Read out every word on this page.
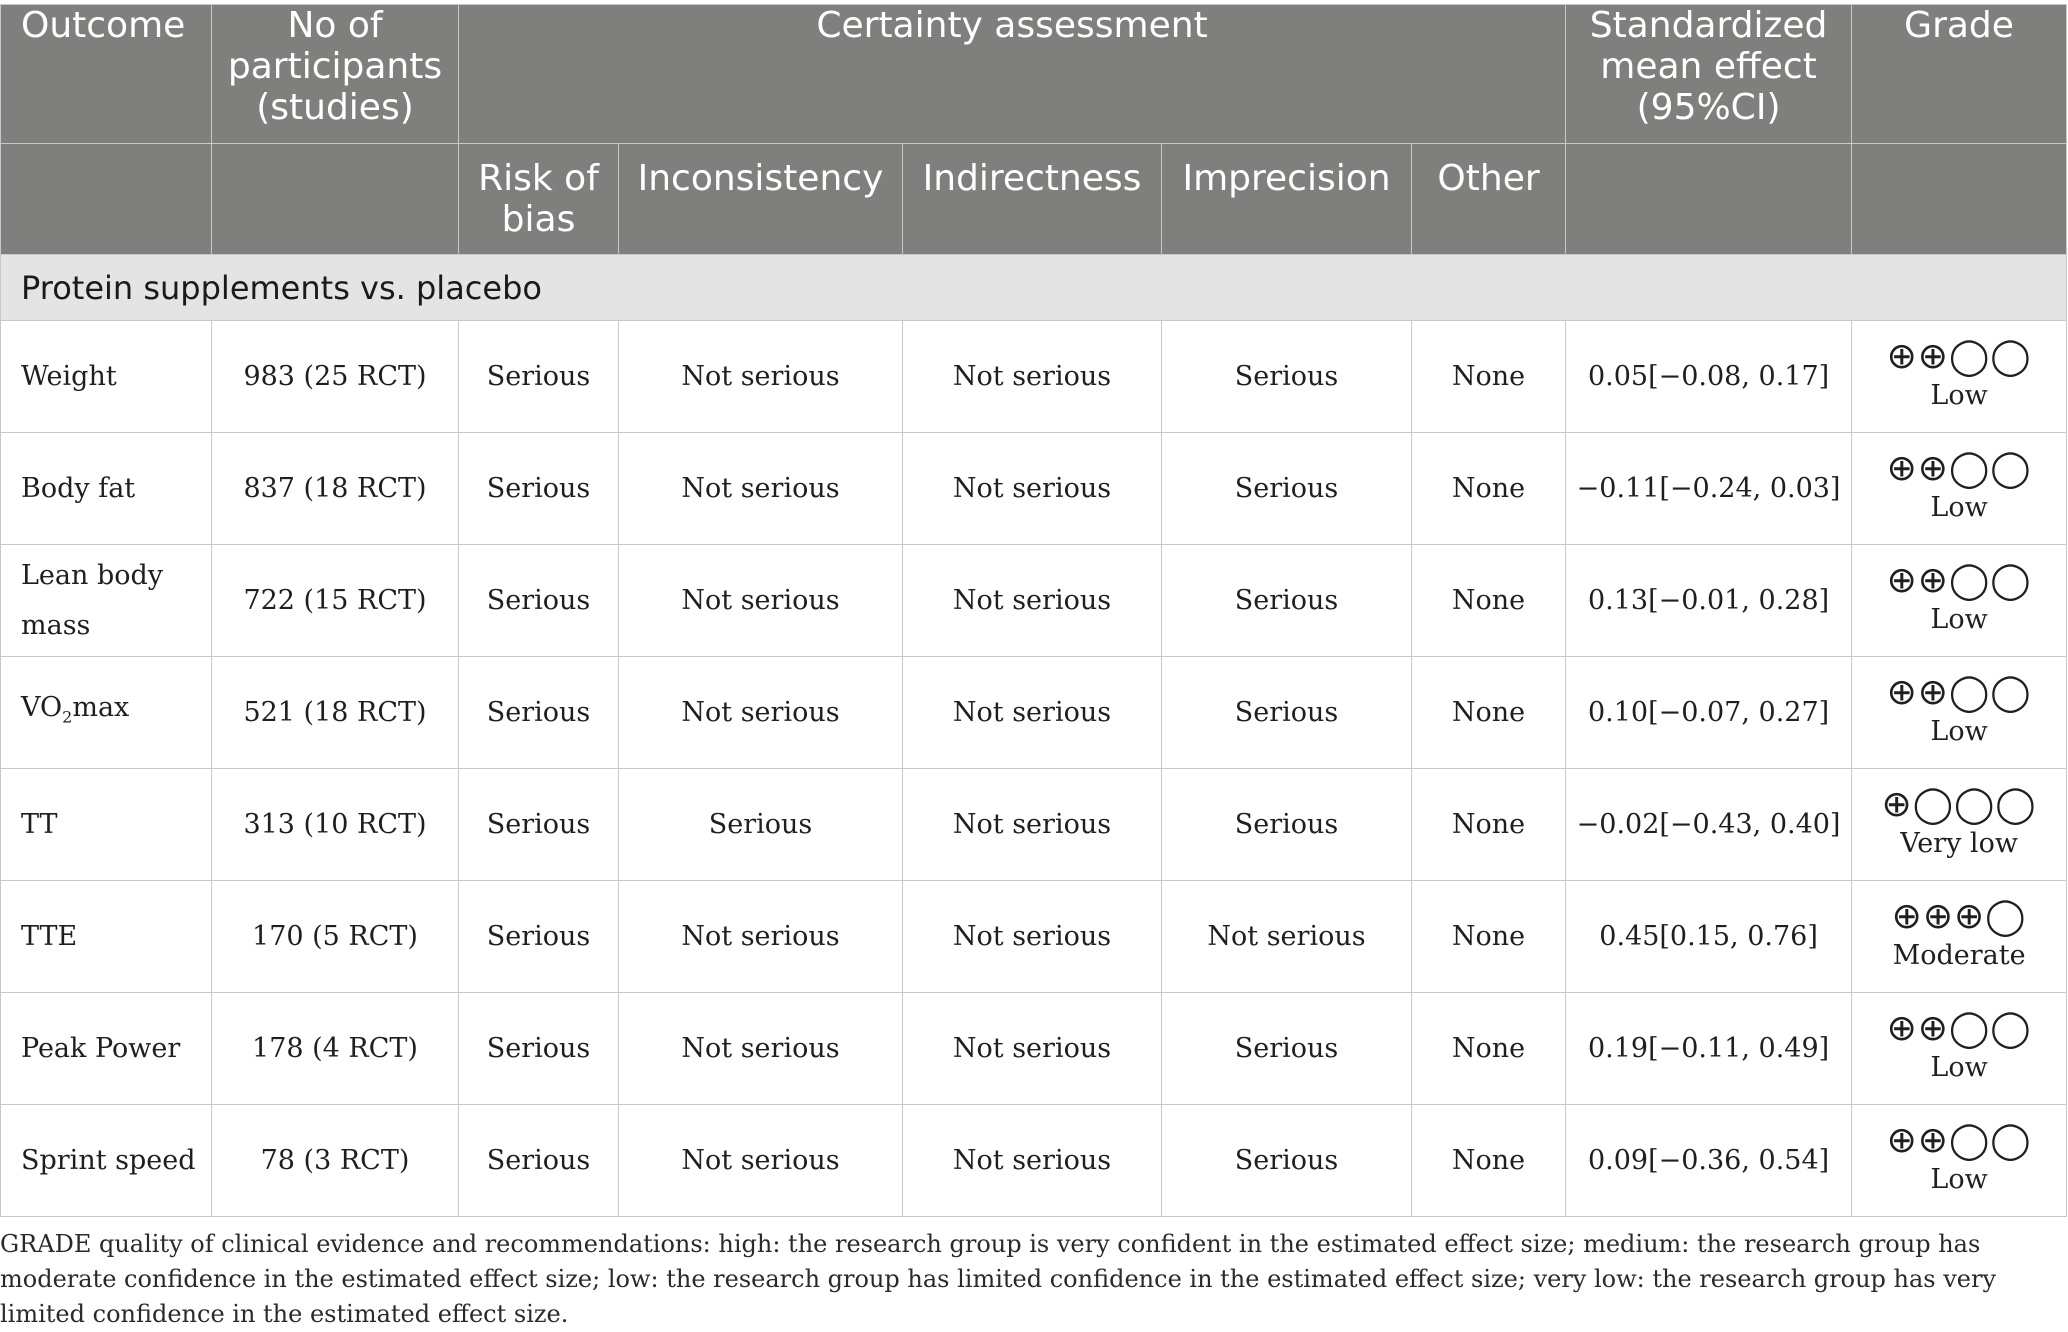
Outcome	No of participants (studies)	Certainty assessment					Standardized mean effect (95%CI)	Grade
		Risk of bias	Inconsistency	Indirectness	Imprecision	Other		
Protein supplements vs. placebo								
Weight	983 (25 RCT)	Serious	Not serious	Not serious	Serious	None	0.05[−0.08, 0.17]	⊕⊕◯◯
Low

Body fat	837 (18 RCT)	Serious	Not serious	Not serious	Serious	None	−0.11[−0.24, 0.03]	⊕⊕◯◯
Low

Lean body mass	722 (15 RCT)	Serious	Not serious	Not serious	Serious	None	0.13[−0.01, 0.28]	⊕⊕◯◯
Low

$VO_2\max$	521 (18 RCT)	Serious	Not serious	Not serious	Serious	None	0.10[−0.07, 0.27]	⊕⊕◯◯
Low

TT	313 (10 RCT)	Serious	Serious	Not serious	Serious	None	−0.02[−0.43, 0.40]	⊕◯◯◯
Very low

TTE	170 (5 RCT)	Serious	Not serious	Not serious	Not serious	None	0.45[0.15, 0.76]	⊕⊕⊕◯
Moderate

Peak Power	178 (4 RCT)	Serious	Not serious	Not serious	Serious	None	0.19[−0.11, 0.49]	⊕⊕◯◯
Low

Sprint speed	78 (3 RCT)	Serious	Not serious	Not serious	Serious	None	0.09[−0.36, 0.54]	⊕⊕◯◯
Low
GRADE quality of clinical evidence and recommendations: high: the research group is very confident in the estimated effect size; medium: the research group has moderate confidence in the estimated effect size; low: the research group has limited confidence in the estimated effect size; very low: the research group has very limited confidence in the estimated effect size.
